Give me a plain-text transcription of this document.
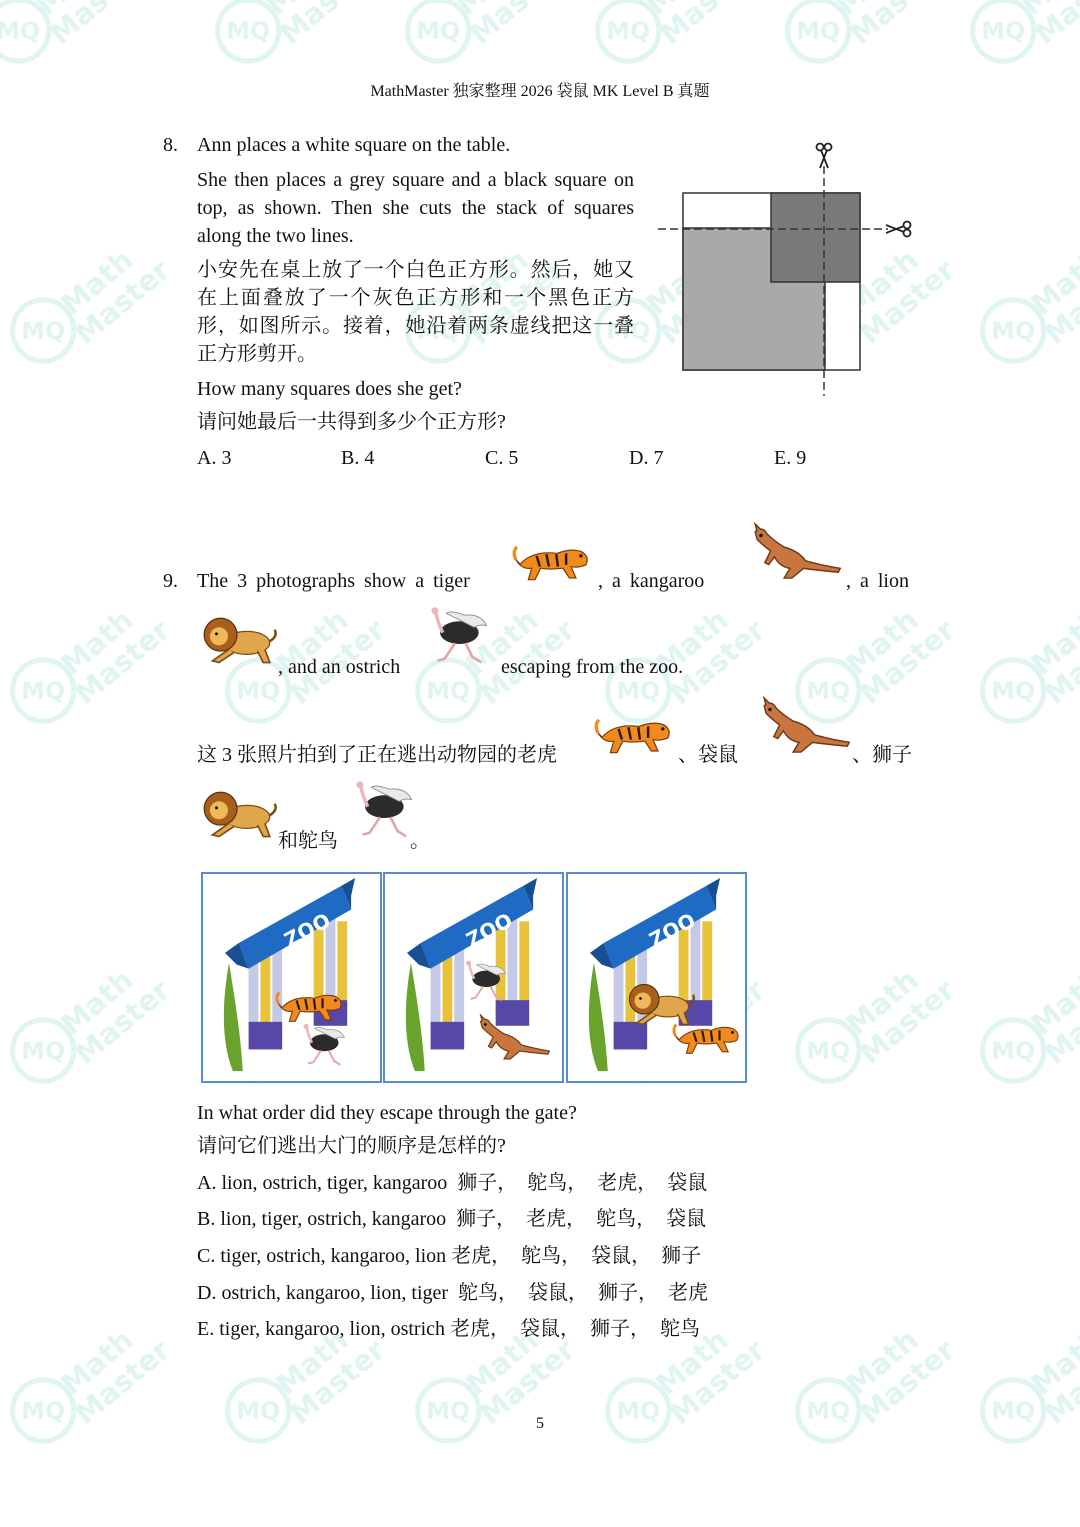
MathMaster 独家整理 2026 袋鼠 MK Level B 真题
8. Ann places a white square on the table.
She then places a grey square and a black square on top, as shown. Then she cuts the stack of squares along the two lines.
小安先在桌上放了一个白色正方形。然后，她又在上面叠放了一个灰色正方形和一个黑色正方形，如图所示。接着，她沿着两条虚线把这一叠正方形剪开。
How many squares does she get?
请问她最后一共得到多少个正方形?
A. 3	B. 4	C. 5	D. 7	E. 9
9. The 3 photographs show a tiger	, a kangaroo	, a lion
, and an ostrich	escaping from the zoo.
这 3 张照片拍到了正在逃出动物园的老虎	、袋鼠	、狮子
和鸵鸟	。
ZOO	ZOO	ZOO
In what order did they escape through the gate?
请问它们逃出大门的顺序是怎样的?
A. lion, ostrich, tiger, kangaroo  狮子，  鸵鸟，  老虎，  袋鼠
B. lion, tiger, ostrich, kangaroo  狮子，  老虎，  鸵鸟，  袋鼠
C. tiger, ostrich, kangaroo, lion 老虎，  鸵鸟，  袋鼠，  狮子
D. ostrich, kangaroo, lion, tiger  鸵鸟，  袋鼠，  狮子，  老虎
E. tiger, kangaroo, lion, ostrich 老虎，  袋鼠，  狮子，  鸵鸟
5
